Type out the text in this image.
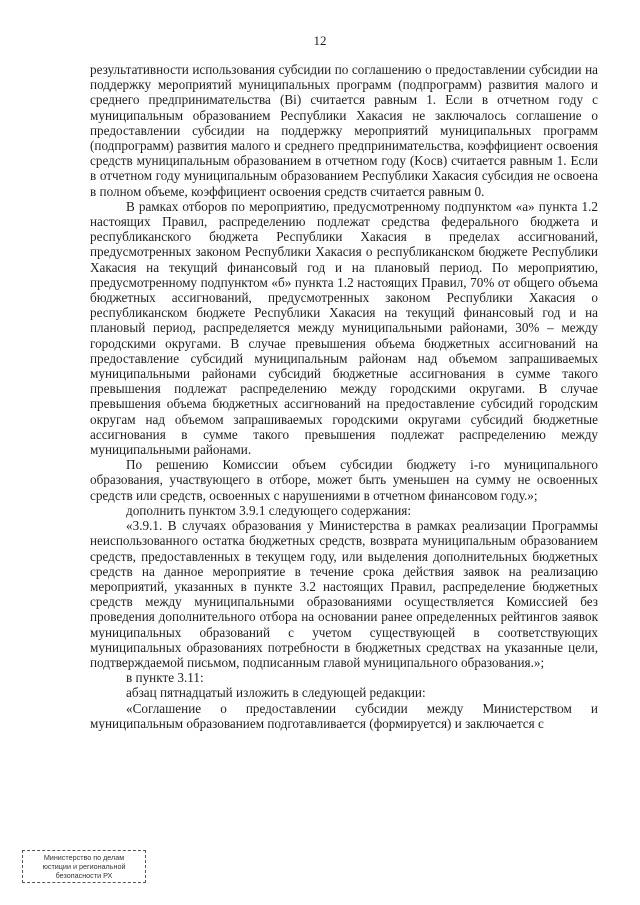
12

результативности использования субсидии по соглашению о предоставлении субсидии на поддержку мероприятий муниципальных программ (подпрограмм) развития малого и среднего предпринимательства (Bi) считается равным 1. Если в отчетном году с муниципальным образованием Республики Хакасия не заключалось соглашение о предоставлении субсидии на поддержку мероприятий муниципальных программ (подпрограмм) развития малого и среднего предпринимательства, коэффициент освоения средств муниципальным образованием в отчетном году (Kосв) считается равным 1. Если в отчетном году муниципальным образованием Республики Хакасия субсидия не освоена в полном объеме, коэффициент освоения средств считается равным 0.

В рамках отборов по мероприятию, предусмотренному подпунктом «а» пункта 1.2 настоящих Правил, распределению подлежат средства федерального бюджета и республиканского бюджета Республики Хакасия в пределах ассигнований, предусмотренных законом Республики Хакасия о республиканском бюджете Республики Хакасия на текущий финансовый год и на плановый период. По мероприятию, предусмотренному подпунктом «б» пункта 1.2 настоящих Правил, 70% от общего объема бюджетных ассигнований, предусмотренных законом Республики Хакасия о республиканском бюджете Республики Хакасия на текущий финансовый год и на плановый период, распределяется между муниципальными районами, 30% – между городскими округами. В случае превышения объема бюджетных ассигнований на предоставление субсидий муниципальным районам над объемом запрашиваемых муниципальными районами субсидий бюджетные ассигнования в сумме такого превышения подлежат распределению между городскими округами. В случае превышения объема бюджетных ассигнований на предоставление субсидий городским округам над объемом запрашиваемых городскими округами субсидий бюджетные ассигнования в сумме такого превышения подлежат распределению между муниципальными районами.

По решению Комиссии объем субсидии бюджету i-го муниципального образования, участвующего в отборе, может быть уменьшен на сумму не освоенных средств или средств, освоенных с нарушениями в отчетном финансовом году.»;

дополнить пунктом 3.9.1 следующего содержания:

«3.9.1. В случаях образования у Министерства в рамках реализации Программы неиспользованного остатка бюджетных средств, возврата муниципальным образованием средств, предоставленных в текущем году, или выделения дополнительных бюджетных средств на данное мероприятие в течение срока действия заявок на реализацию мероприятий, указанных в пункте 3.2 настоящих Правил, распределение бюджетных средств между муниципальными образованиями осуществляется Комиссией без проведения дополнительного отбора на основании ранее определенных рейтингов заявок муниципальных образований с учетом существующей в соответствующих муниципальных образованиях потребности в бюджетных средствах на указанные цели, подтверждаемой письмом, подписанным главой муниципального образования.»;

в пункте 3.11:

абзац пятнадцатый изложить в следующей редакции:

«Соглашение о предоставлении субсидии между Министерством и муниципальным образованием подготавливается (формируется) и заключается с

Министерство по делам
юстиции и региональной
безопасности РХ
